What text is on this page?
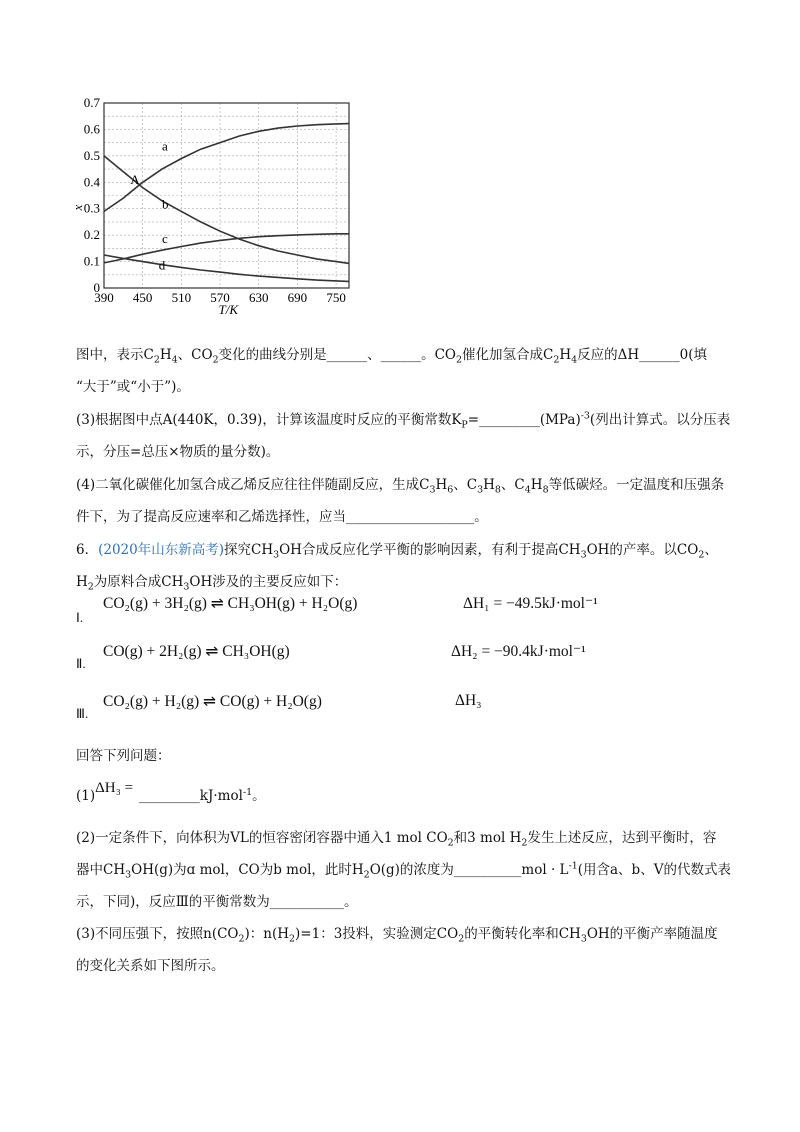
390 450 510 570 630 690 750
0
0.1
0.2
0.3
0.4
0.5
0.6
0.7
T/K
x
a
b
c
d
A
图中，表示$C_2H_4$、$CO_2$变化的曲线分别是______、______。$CO_2$催化加氢合成$C_2H_4$反应的ΔH______0(填
“大于”或“小于”)。
(3)根据图中点A(440K，0.39)，计算该温度时反应的平衡常数$K_P=\_\_\_\_\_\_\_\_\_(MPa)^{-3}$(列出计算式。以分压表
示，分压=总压×物质的量分数)。
(4)二氧化碳催化加氢合成乙烯反应往往伴随副反应，生成$C_3H_6$、$C_3H_8$、$C_4H_8$等低碳烃。一定温度和压强条
件下，为了提高反应速率和乙烯选择性，应当___________________。
6．(2020年山东新高考)探究$CH_3OH$合成反应化学平衡的影响因素，有利于提高$CH_3OH$的产率。以$CO_2$、
$H_2$为原料合成$CH_3OH$涉及的主要反应如下：
Ⅰ.
CO₂(g) + 3H₂(g) ⇌ CH₃OH(g) + H₂O(g)	ΔH₁ = −49.5kJ·mol⁻¹
Ⅱ.
CO(g) + 2H₂(g) ⇌ CH₃OH(g)	ΔH₂ = −90.4kJ·mol⁻¹
Ⅲ.
CO₂(g) + H₂(g) ⇌ CO(g) + H₂O(g)	ΔH₃
回答下列问题：
(1)ΔH₃ = _________kJ·mol$^{-1}$。
(2)一定条件下，向体积为VL的恒容密闭容器中通入1 mol $CO_2$和3 mol $H_2$发生上述反应，达到平衡时，容
器中$CH_3OH(g)$为ɑ mol，CO为b mol，此时$H_2O(g)$的浓度为__________mol · $L^{-1}$(用含a、b、V的代数式表
示，下同)，反应Ⅲ的平衡常数为___________。
(3)不同压强下，按照$n(CO_2)$：$n(H_2)=1$：3投料，实验测定$CO_2$的平衡转化率和$CH_3OH$的平衡产率随温度
的变化关系如下图所示。
